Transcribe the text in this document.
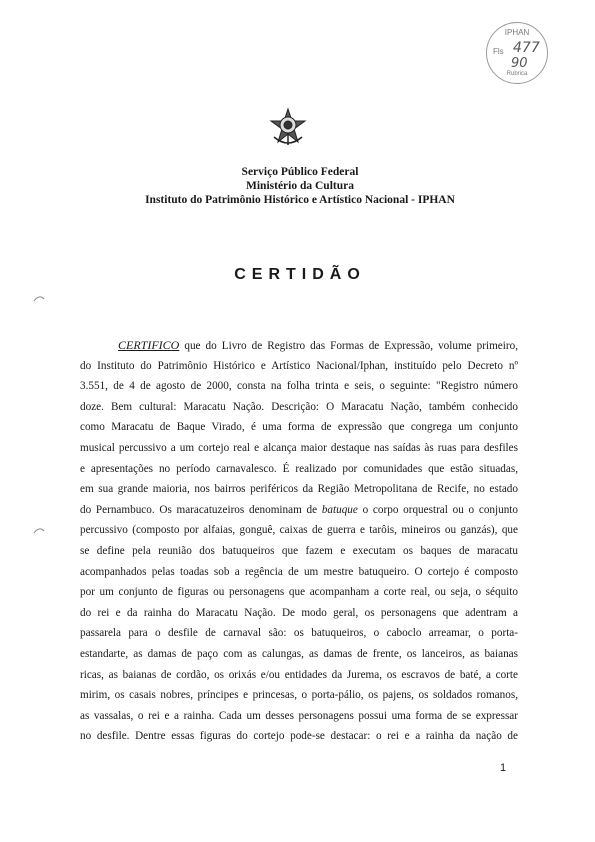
IPHAN
Fls 477
90
Rubrica
Serviço Público Federal
Ministério da Cultura
Instituto do Patrimônio Histórico e Artístico Nacional - IPHAN
CERTIDÃO
CERTIFICO que do Livro de Registro das Formas de Expressão, volume primeiro,
do Instituto do Patrimônio Histórico e Artístico Nacional/Iphan, instituído pelo Decreto nº
3.551, de 4 de agosto de 2000, consta na folha trinta e seis, o seguinte: "Registro número
doze. Bem cultural: Maracatu Nação. Descrição: O Maracatu Nação, também conhecido
como Maracatu de Baque Virado, é uma forma de expressão que congrega um conjunto
musical percussivo a um cortejo real e alcança maior destaque nas saídas às ruas para desfiles
e apresentações no período carnavalesco. É realizado por comunidades que estão situadas,
em sua grande maioria, nos bairros periféricos da Região Metropolitana de Recife, no estado
do Pernambuco. Os maracatuzeiros denominam de batuque o corpo orquestral ou o conjunto
percussivo (composto por alfaias, gonguê, caixas de guerra e tarôis, mineiros ou ganzás), que
se define pela reunião dos batuqueiros que fazem e executam os baques de maracatu
acompanhados pelas toadas sob a regência de um mestre batuqueiro. O cortejo é composto
por um conjunto de figuras ou personagens que acompanham a corte real, ou seja, o séquito
do rei e da rainha do Maracatu Nação. De modo geral, os personagens que adentram a
passarela para o desfile de carnaval são: os batuqueiros, o caboclo arreamar, o porta-
estandarte, as damas de paço com as calungas, as damas de frente, os lanceiros, as baianas
ricas, as baianas de cordão, os orixás e/ou entidades da Jurema, os escravos de baté, a corte
mirim, os casais nobres, príncipes e princesas, o porta-pálio, os pajens, os soldados romanos,
as vassalas, o rei e a rainha. Cada um desses personagens possui uma forma de se expressar
no desfile. Dentre essas figuras do cortejo pode-se destacar: o rei e a rainha da nação de
1
